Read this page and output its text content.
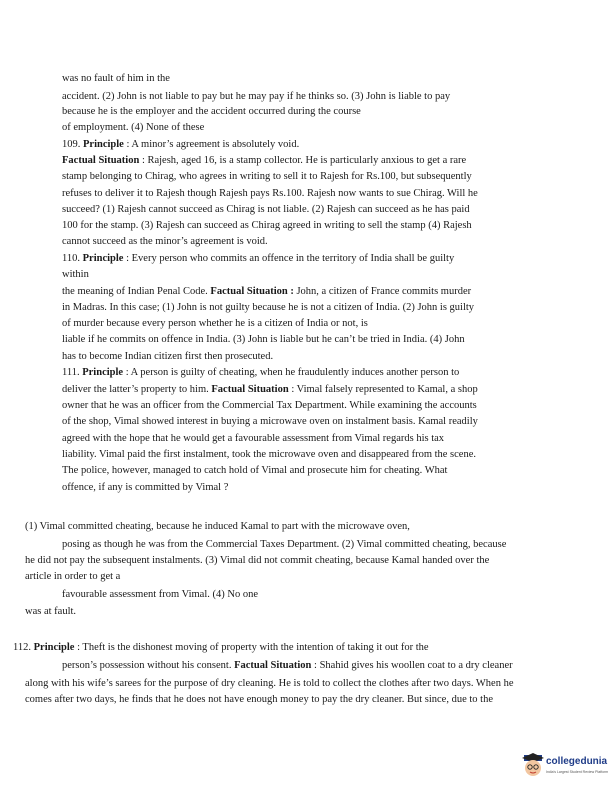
was no fault of him in the
accident. (2) John is not liable to pay but he may pay if he thinks so. (3) John is liable to pay
because he is the employer and the accident occurred during the course
of employment. (4) None of these
109. Principle : A minor’s agreement is absolutely void.
Factual Situation : Rajesh, aged 16, is a stamp collector. He is particularly anxious to get a rare
stamp belonging to Chirag, who agrees in writing to sell it to Rajesh for Rs.100, but subsequently
refuses to deliver it to Rajesh though Rajesh pays Rs.100. Rajesh now wants to sue Chirag. Will he
succeed? (1) Rajesh cannot succeed as Chirag is not liable. (2) Rajesh can succeed as he has paid
100 for the stamp. (3) Rajesh can succeed as Chirag agreed in writing to sell the stamp (4) Rajesh
cannot succeed as the minor’s agreement is void.
110. Principle : Every person who commits an offence in the territory of India shall be guilty
within
the meaning of Indian Penal Code. Factual Situation : John, a citizen of France commits murder
in Madras. In this case; (1) John is not guilty because he is not a citizen of India. (2) John is guilty
of murder because every person whether he is a citizen of India or not, is
liable if he commits on offence in India. (3) John is liable but he can’t be tried in India. (4) John
has to become Indian citizen first then prosecuted.
111. Principle : A person is guilty of cheating, when he fraudulently induces another person to
deliver the latter’s property to him. Factual Situation : Vimal falsely represented to Kamal, a shop
owner that he was an officer from the Commercial Tax Department. While examining the accounts
of the shop, Vimal showed interest in buying a microwave oven on instalment basis. Kamal readily
agreed with the hope that he would get a favourable assessment from Vimal regards his tax
liability. Vimal paid the first instalment, took the microwave oven and disappeared from the scene.
The police, however, managed to catch hold of Vimal and prosecute him for cheating. What
offence, if any is committed by Vimal ?
(1) Vimal committed cheating, because he induced Kamal to part with the microwave oven,
posing as though he was from the Commercial Taxes Department. (2) Vimal committed cheating, because
he did not pay the subsequent instalments. (3) Vimal did not commit cheating, because Kamal handed over the
article in order to get a
favourable assessment from Vimal. (4) No one
was at fault.
112. Principle : Theft is the dishonest moving of property with the intention of taking it out for the
person’s possession without his consent. Factual Situation : Shahid gives his woollen coat to a dry cleaner
along with his wife’s sarees for the purpose of dry cleaning. He is told to collect the clothes after two days. When he
comes after two days, he finds that he does not have enough money to pay the dry cleaner. But since, due to the
collegedunia
India's Largest Student Review Platform
